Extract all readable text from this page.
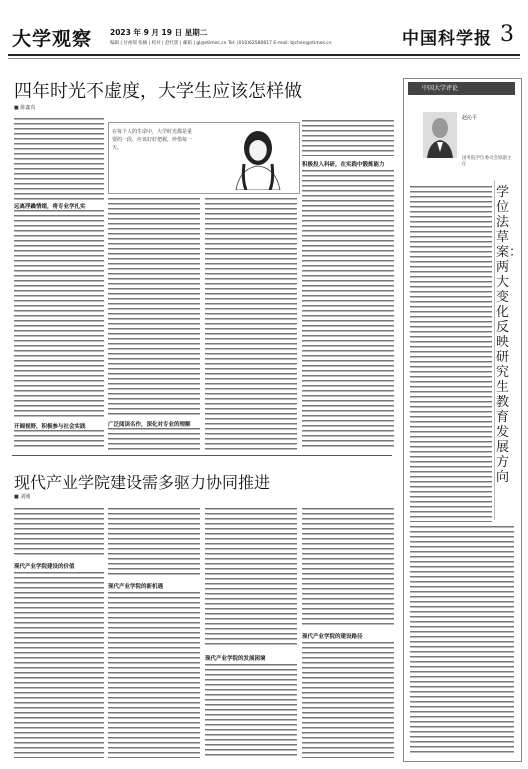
大学观察 2023 年 9 月 19 日 星期二
编辑 | 付裕瑞 张楠 | 校对 | 赵红影 | 邮箱 | gl@stimes.cn Tel: (010)62580617 E-mail: bjchen@stimes.cn	中国科学报 3
四年时光不虚度，大学生应该怎样做
■ 陈鑫真
远离浮躁情绪，将专业学扎实
开阔视野，积极参与社会实践
在每个人的生命中，大学时光都是重要的一段，应该好好把握，珍惜每一天。
广泛阅读名作，深化对专业的理解
积极投入科研，在实践中锻炼能力
现代产业学院建设需多驱力协同推进
■ 刘刚
现代产业学院建设的价值
现代产业学院的新机遇
现代产业学院的发展困境
现代产业学院的建设路径
中国大学评论
赵沁平
国务院学位委员会原副主任
学位法草案：两大变化反映研究生教育发展方向
